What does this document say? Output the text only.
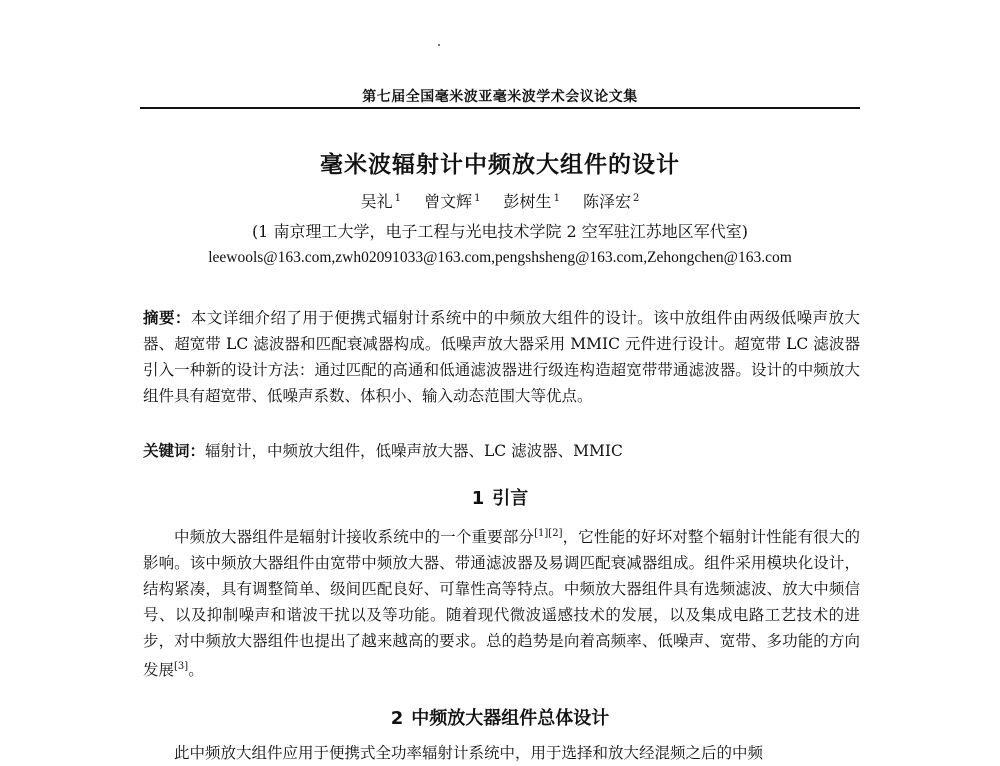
第七届全国毫米波亚毫米波学术会议论文集
毫米波辐射计中频放大组件的设计
吴礼 $^1$ 曾文辉 $^1$ 彭树生 $^1$ 陈泽宏 $^2$
(1 南京理工大学，电子工程与光电技术学院 2 空军驻江苏地区军代室)
leewools@163.com,zwh02091033@163.com,pengshsheng@163.com,Zehongchen@163.com

摘要：本文详细介绍了用于便携式辐射计系统中的中频放大组件的设计。该中放组件由两级低噪声放大器、超宽带 LC 滤波器和匹配衰减器构成。低噪声放大器采用 MMIC 元件进行设计。超宽带 LC 滤波器引入一种新的设计方法：通过匹配的高通和低通滤波器进行级连构造超宽带带通滤波器。设计的中频放大组件具有超宽带、低噪声系数、体积小、输入动态范围大等优点。

关键词：辐射计，中频放大组件，低噪声放大器、LC 滤波器、MMIC

1 引言

中频放大器组件是辐射计接收系统中的一个重要部分[1][2]，它性能的好坏对整个辐射计性能有很大的影响。该中频放大器组件由宽带中频放大器、带通滤波器及易调匹配衰减器组成。组件采用模块化设计，结构紧凑，具有调整简单、级间匹配良好、可靠性高等特点。中频放大器组件具有选频滤波、放大中频信号、以及抑制噪声和谐波干扰以及等功能。随着现代微波遥感技术的发展，以及集成电路工艺技术的进步，对中频放大器组件也提出了越来越高的要求。总的趋势是向着高频率、低噪声、宽带、多功能的方向发展[3]。

2 中频放大器组件总体设计

此中频放大组件应用于便携式全功率辐射计系统中，用于选择和放大经混频之后的中频
